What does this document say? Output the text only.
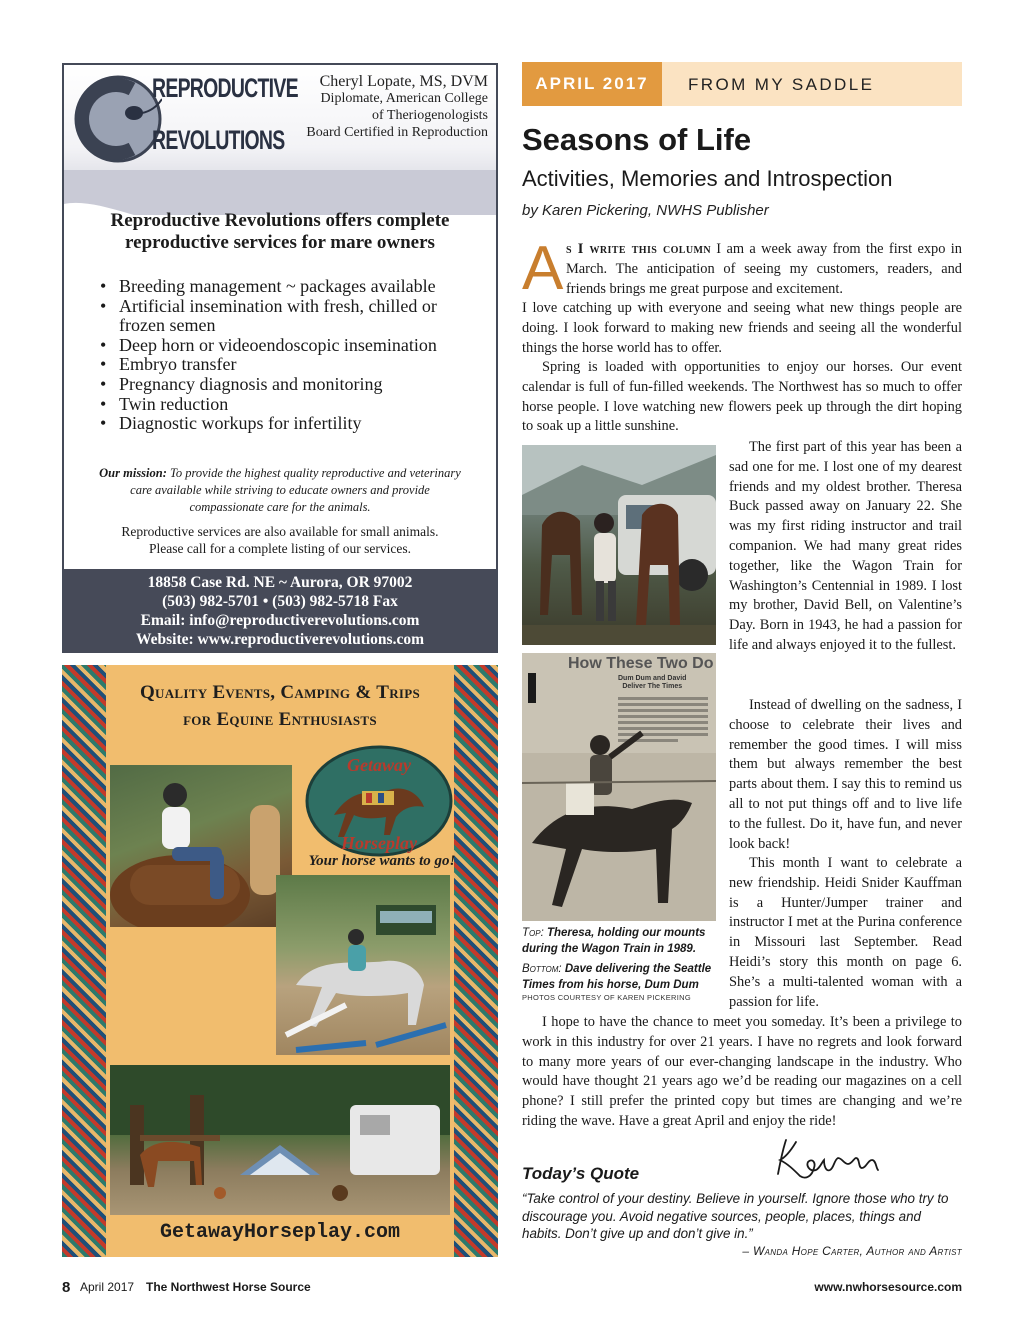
REPRODUCTIVE
REVOLUTIONS
Cheryl Lopate, MS, DVM
Diplomate, American College
of Theriogenologists
Board Certified in Reproduction
Reproductive Revolutions offers complete
reproductive services for mare owners
• Breeding management ~ packages available
• Artificial insemination with fresh, chilled or frozen semen
• Deep horn or videoendoscopic insemination
• Embryo transfer
• Pregnancy diagnosis and monitoring
• Twin reduction
• Diagnostic workups for infertility
Our mission: To provide the highest quality reproductive and veterinary care available while striving to educate owners and provide compassionate care for the animals.
Reproductive services are also available for small animals.
Please call for a complete listing of our services.
18858 Case Rd. NE ~ Aurora, OR 97002
(503) 982-5701 • (503) 982-5718 Fax
Email: info@reproductiverevolutions.com
Website: www.reproductiverevolutions.com
Quality Events, Camping & Trips
for Equine Enthusiasts
Getaway
Horseplay
Your horse wants to go!
GetawayHorseplay.com
APRIL 2017	FROM MY SADDLE
Seasons of Life
Activities, Memories and Introspection
by Karen Pickering, NWHS Publisher
A s I write this column I am a week away from the first expo in March. The anticipation of seeing my customers, readers, and friends brings me great purpose and excitement.

I love catching up with everyone and seeing what new things people are doing. I look forward to making new friends and seeing all the wonderful things the horse world has to offer.

Spring is loaded with opportunities to enjoy our horses. Our event calendar is full of fun-filled weekends. The Northwest has so much to offer horse people. I love watching new flowers peek up through the dirt hoping to soak up a little sunshine.

How These Two Do
Dum Dum and David
Deliver The Times
Top: Theresa, holding our mounts during the Wagon Train in 1989.
Bottom: Dave delivering the Seattle Times from his horse, Dum Dum
PHOTOS COURTESY OF KAREN PICKERING

The first part of this year has been a sad one for me. I lost one of my dearest friends and my oldest brother. Theresa Buck passed away on January 22. She was my first riding instructor and trail companion. We had many great rides together, like the Wagon Train for Washington’s Centennial in 1989. I lost my brother, David Bell, on Valentine’s Day. Born in 1943, he had a passion for life and always enjoyed it to the fullest.

Instead of dwelling on the sadness, I choose to celebrate their lives and remember the good times. I will miss them but always remember the best parts about them. I say this to remind us all to not put things off and to live life to the fullest. Do it, have fun, and never look back!

This month I want to celebrate a new friendship. Heidi Snider Kauffman is a Hunter/Jumper trainer and instructor I met at the Purina conference in Missouri last September. Read Heidi’s story this month on page 6. She’s a multi-talented woman with a passion for life.

I hope to have the chance to meet you someday. It’s been a privilege to work in this industry for over 21 years. I have no regrets and look forward to many more years of our ever-changing landscape in the industry. Who would have thought 21 years ago we’d be reading our magazines on a cell phone? I still prefer the printed copy but times are changing and we’re riding the wave. Have a great April and enjoy the ride!

Today’s Quote
“Take control of your destiny. Believe in yourself. Ignore those who try to discourage you. Avoid negative sources, people, places, things and habits. Don’t give up and don’t give in.”
– Wanda Hope Carter, Author and Artist
8 April 2017 The Northwest Horse Source	www.nwhorsesource.com
